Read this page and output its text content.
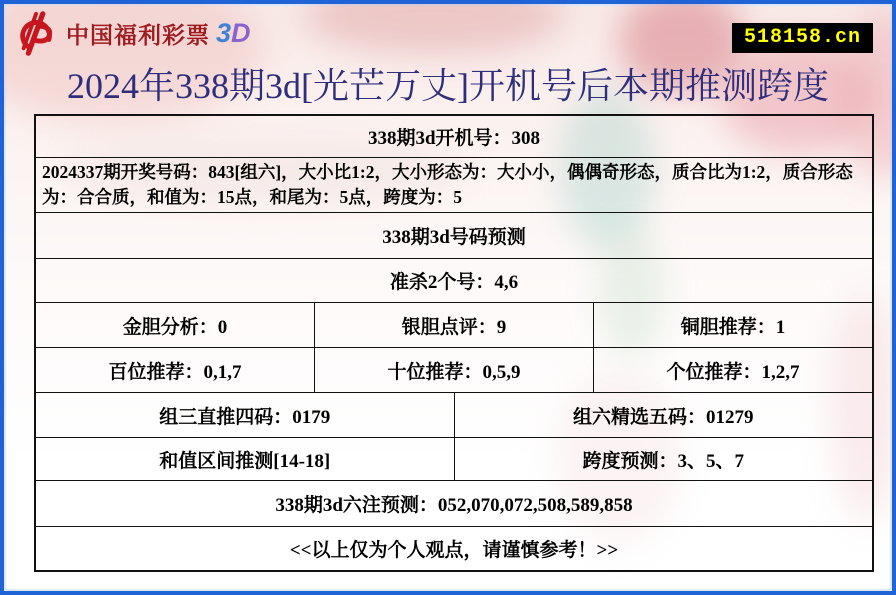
中国福利彩票 3D	518158.cn
2024年338期3d[光芒万丈]开机号后本期推测跨度
338期3d开机号：308
2024337期开奖号码：843[组六]，大小比1:2，大小形态为：大小小，偶偶奇形态，质合比为1:2，质合形态为：合合质，和值为：15点，和尾为：5点，跨度为：5
338期3d号码预测
准杀2个号：4,6
金胆分析：0	银胆点评：9	铜胆推荐：1
百位推荐：0,1,7	十位推荐：0,5,9	个位推荐：1,2,7
组三直推四码：0179	组六精选五码：01279
和值区间推测[14-18]	跨度预测：3、5、7
338期3d六注预测：052,070,072,508,589,858
<<以上仅为个人观点，请谨慎参考！>>
